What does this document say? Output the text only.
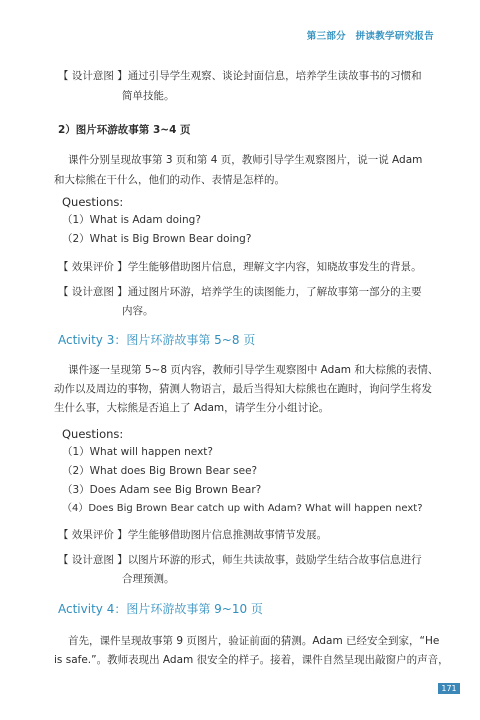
第三部分 拼读教学研究报告
【 设计意图 】通过引导学生观察、谈论封面信息，培养学生读故事书的习惯和
简单技能。
2）图片环游故事第 3~4 页
课件分别呈现故事第 3 页和第 4 页，教师引导学生观察图片，说一说 Adam
和大棕熊在干什么，他们的动作、表情是怎样的。
Questions:
（1）What is Adam doing?
（2）What is Big Brown Bear doing?
【 效果评价 】学生能够借助图片信息，理解文字内容，知晓故事发生的背景。
【 设计意图 】通过图片环游，培养学生的读图能力，了解故事第一部分的主要
内容。
Activity 3：图片环游故事第 5~8 页
课件逐一呈现第 5~8 页内容，教师引导学生观察图中 Adam 和大棕熊的表情、
动作以及周边的事物，猜测人物语言，最后当得知大棕熊也在跑时，询问学生将发
生什么事，大棕熊是否追上了 Adam，请学生分小组讨论。
Questions:
（1）What will happen next?
（2）What does Big Brown Bear see?
（3）Does Adam see Big Brown Bear?
（4）Does Big Brown Bear catch up with Adam? What will happen next?
【 效果评价 】学生能够借助图片信息推测故事情节发展。
【 设计意图 】以图片环游的形式，师生共读故事，鼓励学生结合故事信息进行
合理预测。
Activity 4：图片环游故事第 9~10 页
首先，课件呈现故事第 9 页图片，验证前面的猜测。Adam 已经安全到家，“He
is safe.”。教师表现出 Adam 很安全的样子。接着，课件自然呈现出敲窗户的声音，
171
